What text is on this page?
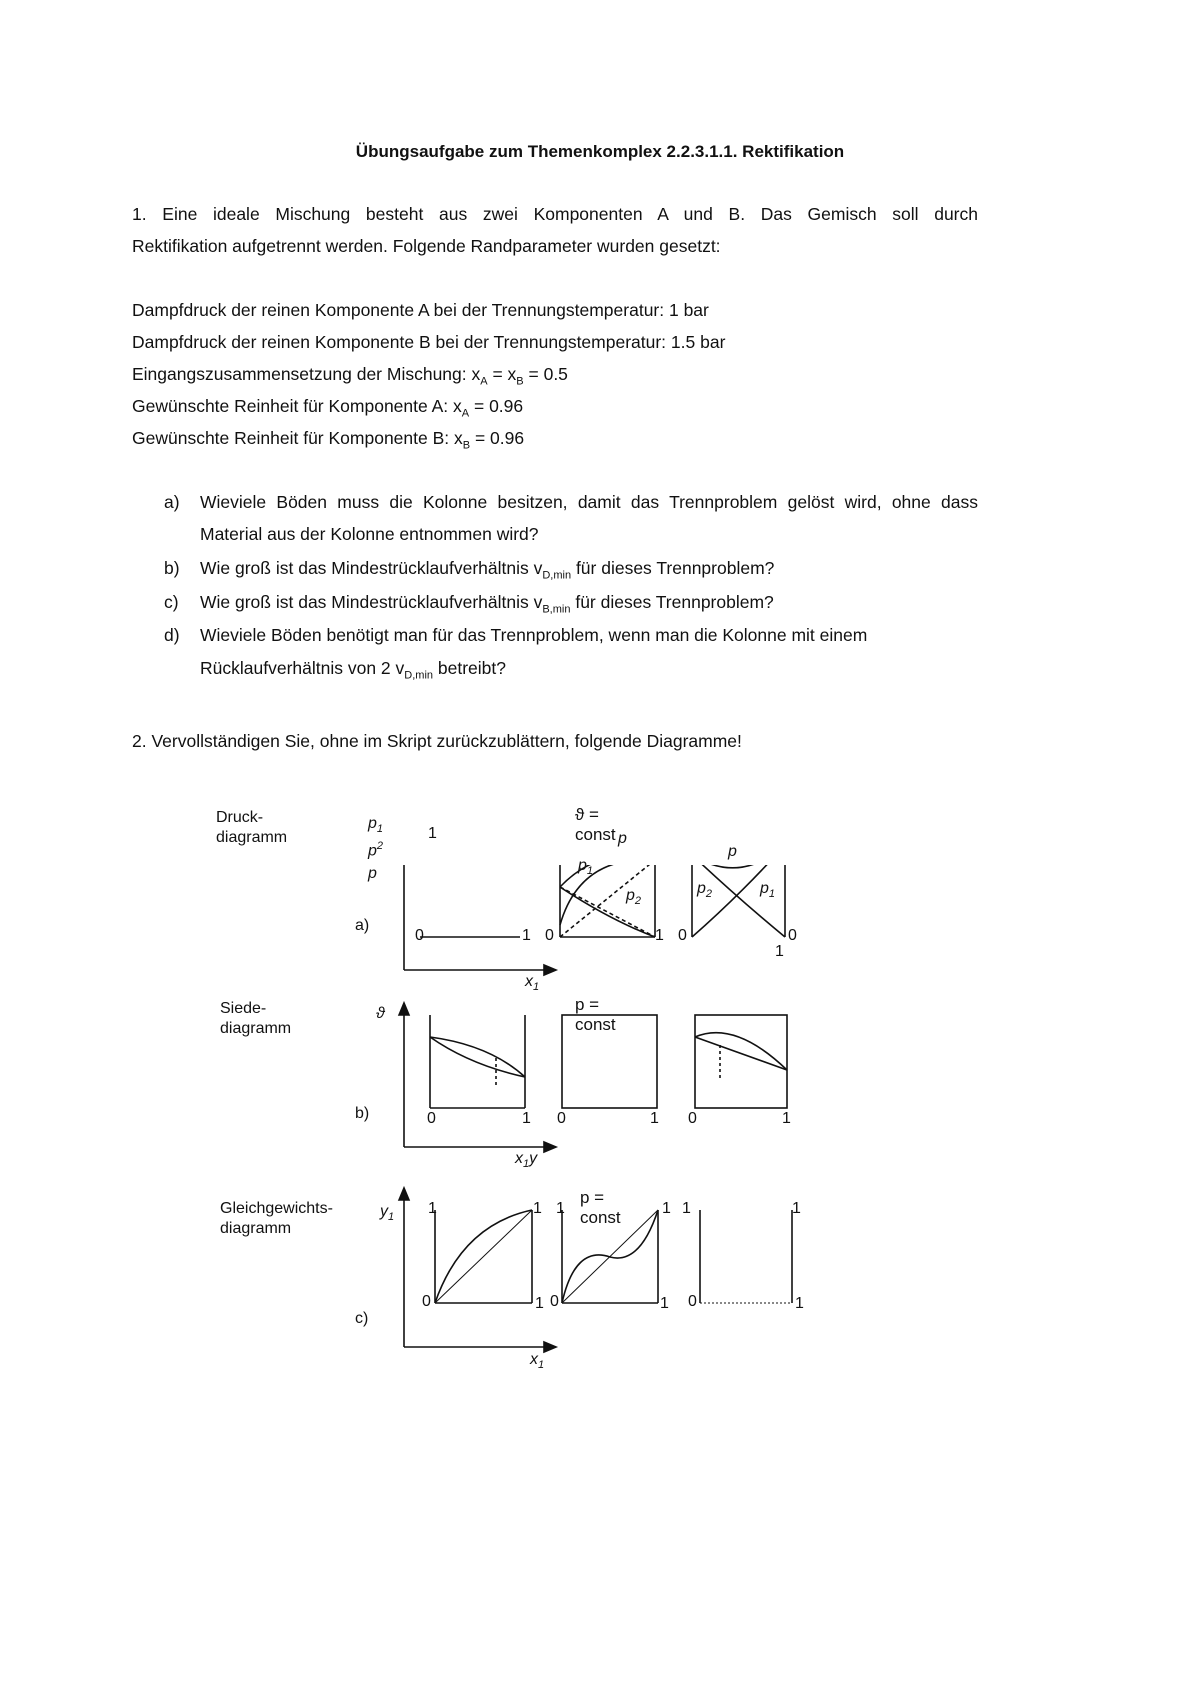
Übungsaufgabe zum Themenkomplex 2.2.3.1.1. Rektifikation
1. Eine ideale Mischung besteht aus zwei Komponenten A und B. Das Gemisch soll durch
Rektifikation aufgetrennt werden. Folgende Randparameter wurden gesetzt:
Dampfdruck der reinen Komponente A bei der Trennungstemperatur: 1 bar
Dampfdruck der reinen Komponente B bei der Trennungstemperatur: 1.5 bar
Eingangszusammensetzung der Mischung: $x_A = x_B = 0.5$
Gewünschte Reinheit für Komponente A: $x_A = 0.96$
Gewünschte Reinheit für Komponente B: $x_B = 0.96$
a) Wieviele Böden muss die Kolonne besitzen, damit das Trennproblem gelöst wird, ohne dass
Material aus der Kolonne entnommen wird?
b) Wie groß ist das Mindestrücklaufverhältnis $v_{D,min}$ für dieses Trennproblem?
c) Wie groß ist das Mindestrücklaufverhältnis $v_{B,min}$ für dieses Trennproblem?
d) Wieviele Böden benötigt man für das Trennproblem, wenn man die Kolonne mit einem
Rücklaufverhältnis von 2 $v_{D,min}$ betreibt?
2. Vervollständigen Sie, ohne im Skript zurückzublättern, folgende Diagramme!
Druck-
diagramm
Siede-
diagramm
Gleichgewichts-
diagramm
$p_1$
$p^2$
p
ϑ
$y_1$
$x_1$
$x_1y$
$x_1$
a)
b)
c)
ϑ = const
p = const
p = const
p
$p_1$
$p_2$
p
$p_2$	$p_1$
0	1
1
0	1 0	0
1
0	1 0	1 0	1
1	1
0	1
1	1
0	1
1	1
0	1
